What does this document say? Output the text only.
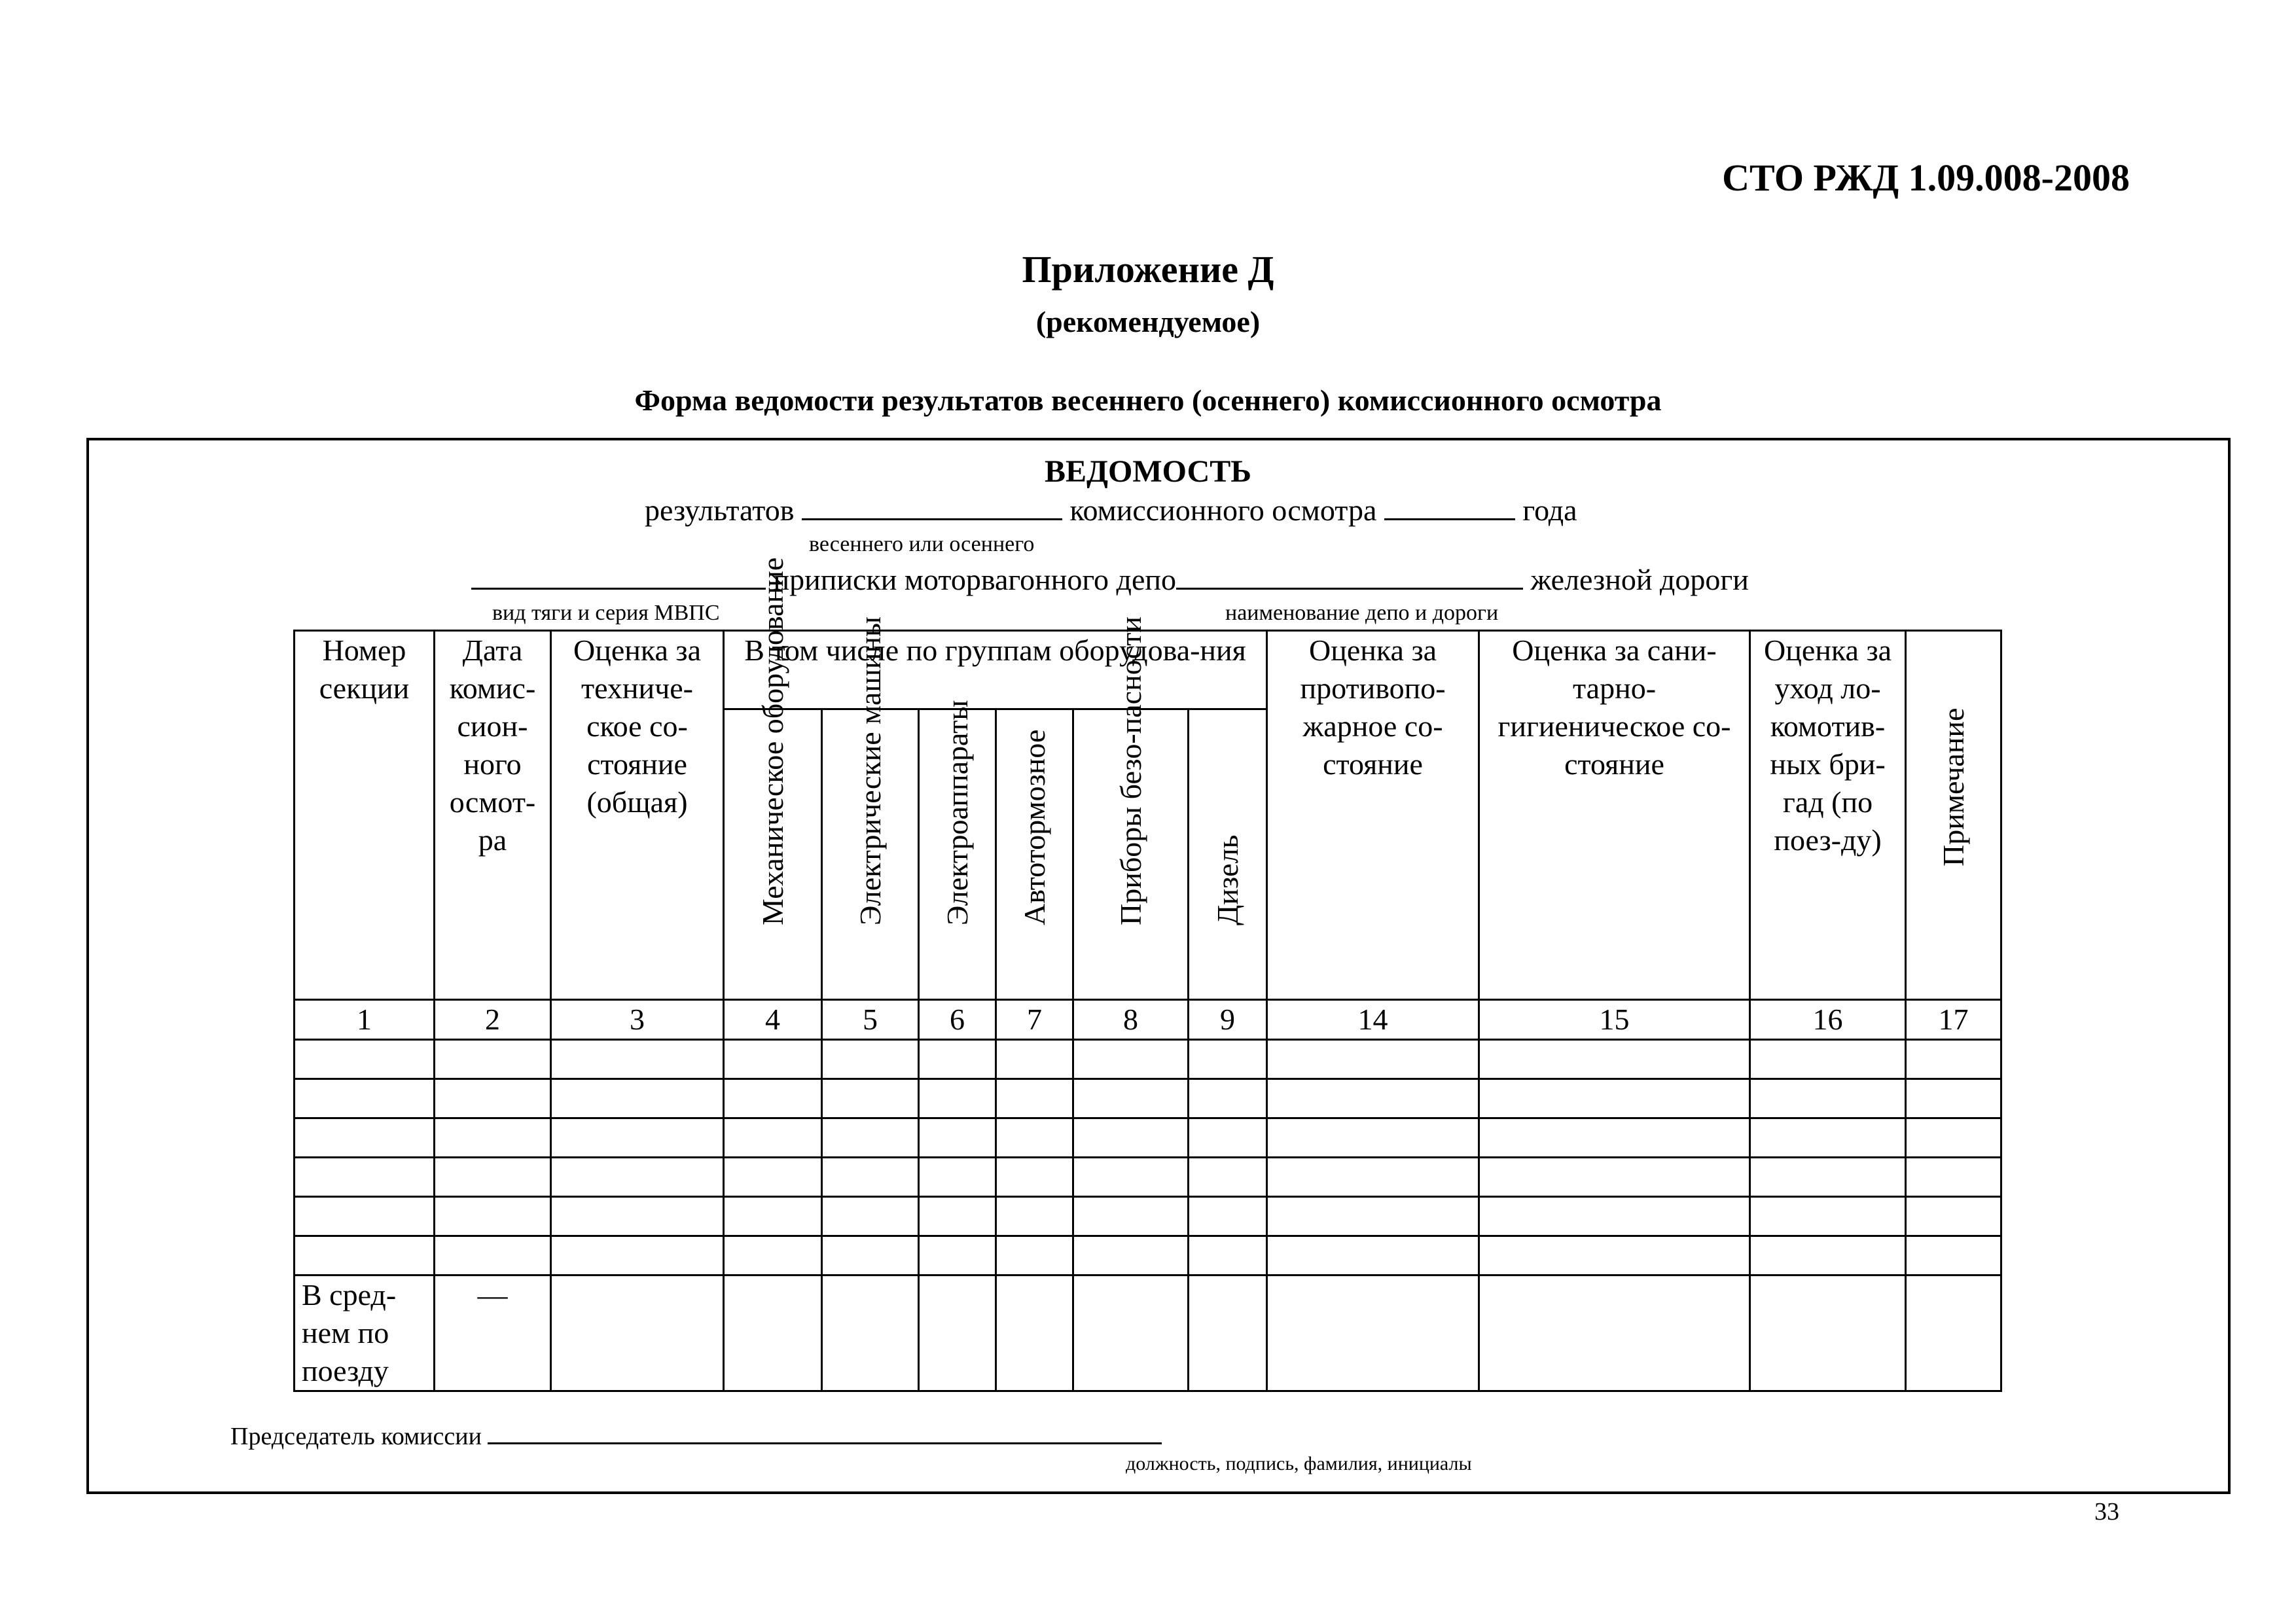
СТО РЖД 1.09.008-2008
Приложение Д
(рекомендуемое)
Форма ведомости результатов весеннего (осеннего) комиссионного осмотра
ВЕДОМОСТЬ
результатов	комиссионного осмотра	года
весеннего или осеннего
приписки моторвагонного депо	железной дороги
вид тяги и серия МВПС	наименование депо и дороги
Номер секции	Дата комис-сион-ного осмот-ра	Оценка за техниче-ское со-стояние (общая)	В том числе по группам оборудова-ния						Оценка за противопо-жарное со-стояние	Оценка за сани-тарно-гигиеническое со-стояние	Оценка за уход ло-комотив-ных бри-гад (по поез-ду)	Примечание

			Механическое оборудование	Электрические машины	Электроаппараты	Автотормозное	Приборы безо-пасности	Дизель				

1	2	3	4	5	6	7	8	9	14	15	16	17

В сред-нем по поезду	—											
Председатель комиссии
должность, подпись, фамилия, инициалы
33
